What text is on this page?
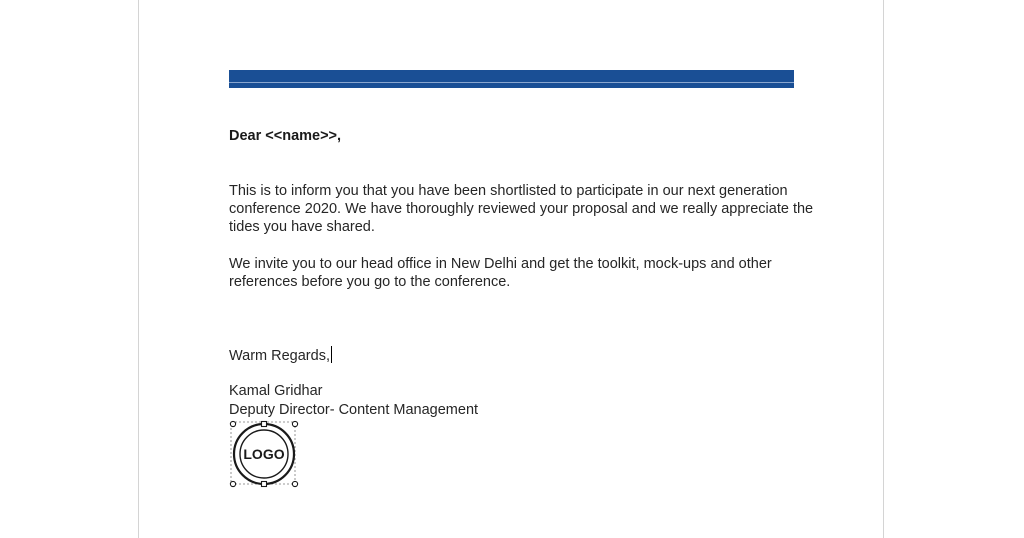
Dear <<name>>,
This is to inform you that you have been shortlisted to participate in our next generation
conference 2020. We have thoroughly reviewed your proposal and we really appreciate the
tides you have shared.
We invite you to our head office in New Delhi and get the toolkit, mock-ups and other
references before you go to the conference.
Warm Regards,
Kamal Gridhar
Deputy Director- Content Management
LOGO
